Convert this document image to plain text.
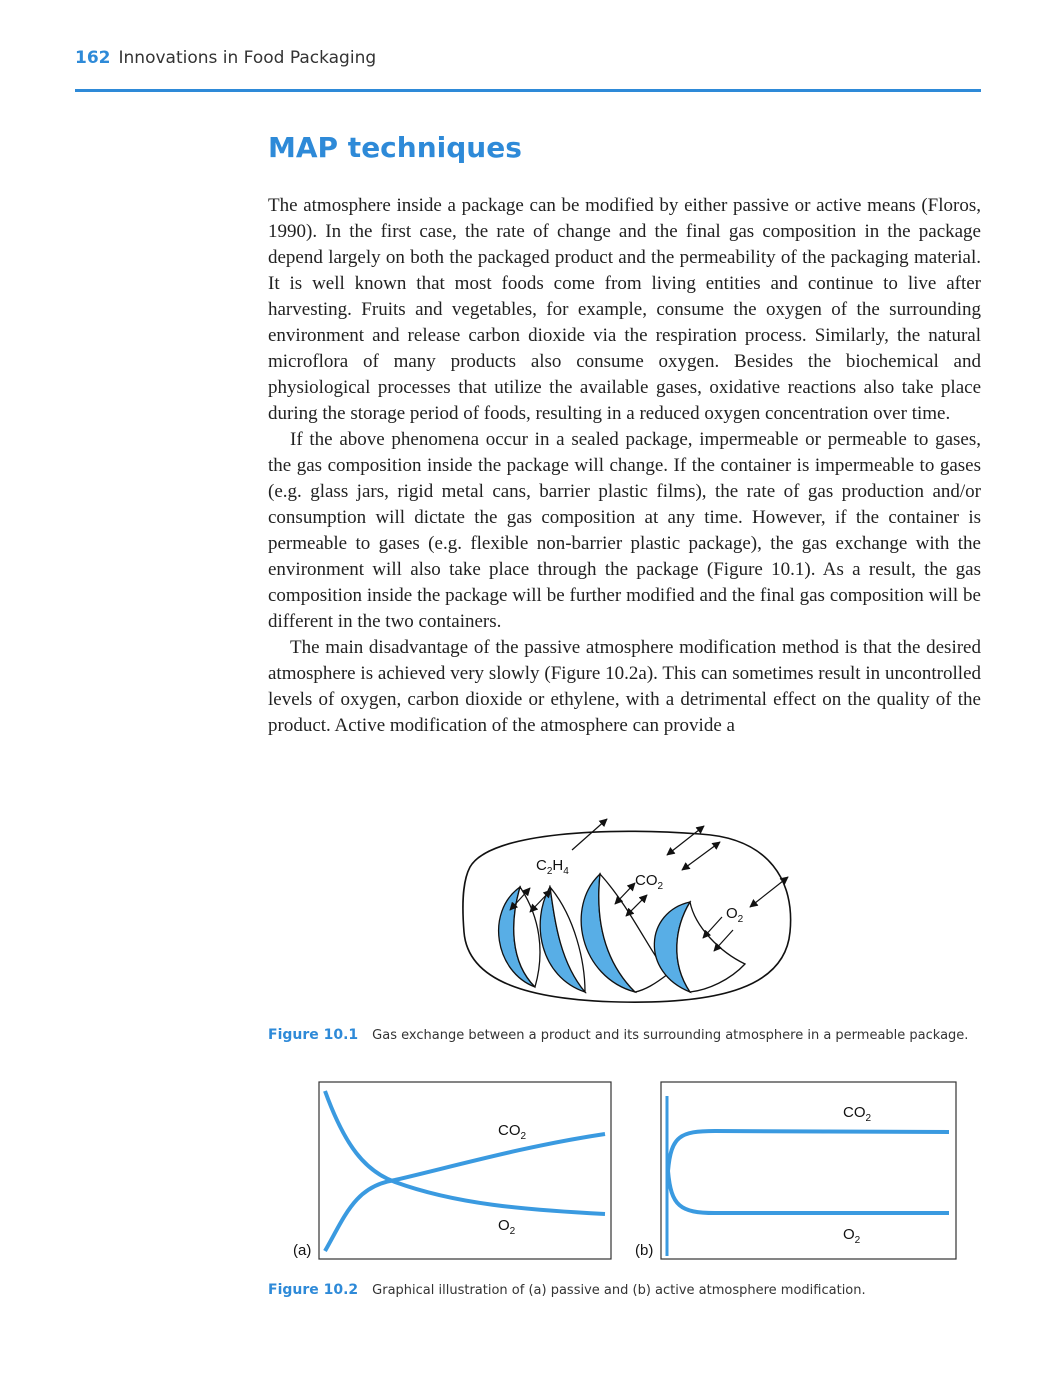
162 Innovations in Food Packaging
MAP techniques

The atmosphere inside a package can be modified by either passive or active means (Floros, 1990). In the first case, the rate of change and the final gas composition in the package depend largely on both the packaged product and the permeability of the packaging material. It is well known that most foods come from living entities and continue to live after harvesting. Fruits and vegetables, for example, consume the oxygen of the surrounding environment and release carbon dioxide via the respiration process. Similarly, the natural microflora of many products also consume oxygen. Besides the biochemical and physiological processes that utilize the available gases, oxidative reactions also take place during the storage period of foods, resulting in a reduced oxygen concentration over time.

If the above phenomena occur in a sealed package, impermeable or permeable to gases, the gas composition inside the package will change. If the container is impermeable to gases (e.g. glass jars, rigid metal cans, barrier plastic films), the rate of gas production and/or consumption will dictate the gas composition at any time. However, if the container is permeable to gases (e.g. flexible non-barrier plastic package), the gas exchange with the environment will also take place through the package (Figure 10.1). As a result, the gas composition inside the package will be further modified and the final gas composition will be different in the two containers.

The main disadvantage of the passive atmosphere modification method is that the desired atmosphere is achieved very slowly (Figure 10.2a). This can sometimes result in uncontrolled levels of oxygen, carbon dioxide or ethylene, with a detrimental effect on the quality of the product. Active modification of the atmosphere can provide a

$C_2H_4$
$CO_2$
$O_2$
Figure 10.1 Gas exchange between a product and its surrounding atmosphere in a permeable package.
$CO_2$
$O_2$
(a)
$CO_2$
$O_2$
(b)
Figure 10.2 Graphical illustration of (a) passive and (b) active atmosphere modification.
